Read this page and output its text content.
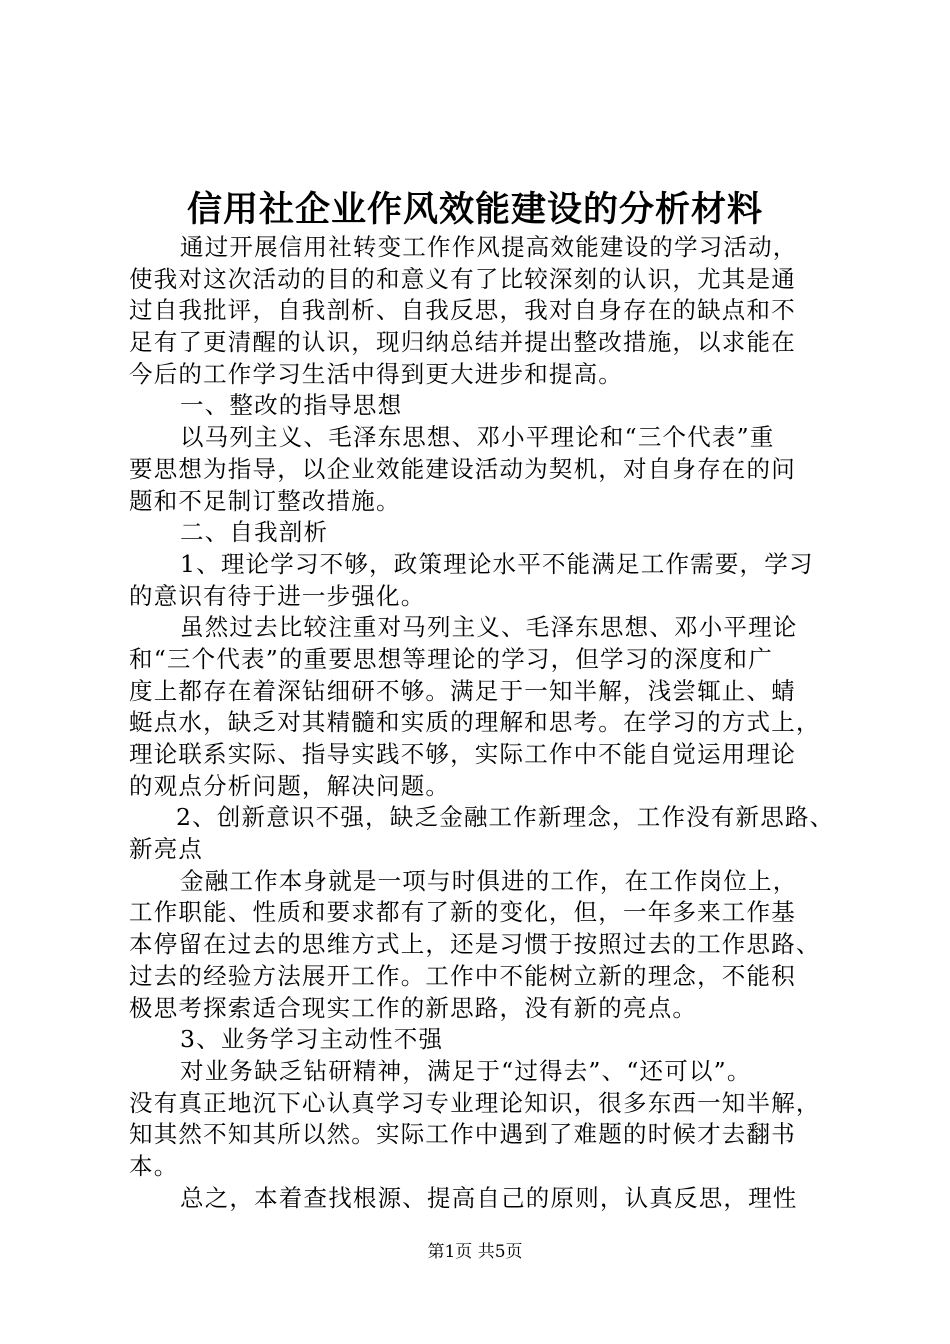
信用社企业作风效能建设的分析材料
通过开展信用社转变工作作风提高效能建设的学习活动，
使我对这次活动的目的和意义有了比较深刻的认识，尤其是通
过自我批评，自我剖析、自我反思，我对自身存在的缺点和不
足有了更清醒的认识，现归纳总结并提出整改措施，以求能在
今后的工作学习生活中得到更大进步和提高。
一、整改的指导思想
以马列主义、毛泽东思想、邓小平理论和“三个代表”重
要思想为指导，以企业效能建设活动为契机，对自身存在的问
题和不足制订整改措施。
二、自我剖析
1、理论学习不够，政策理论水平不能满足工作需要，学习
的意识有待于进一步强化。
虽然过去比较注重对马列主义、毛泽东思想、邓小平理论
和“三个代表”的重要思想等理论的学习，但学习的深度和广
度上都存在着深钻细研不够。满足于一知半解，浅尝辄止、蜻
蜓点水，缺乏对其精髓和实质的理解和思考。在学习的方式上，
理论联系实际、指导实践不够，实际工作中不能自觉运用理论
的观点分析问题，解决问题。
2、创新意识不强，缺乏金融工作新理念，工作没有新思路、
新亮点
金融工作本身就是一项与时俱进的工作，在工作岗位上，
工作职能、性质和要求都有了新的变化，但，一年多来工作基
本停留在过去的思维方式上，还是习惯于按照过去的工作思路、
过去的经验方法展开工作。工作中不能树立新的理念，不能积
极思考探索适合现实工作的新思路，没有新的亮点。
3、业务学习主动性不强
对业务缺乏钻研精神，满足于“过得去”、“还可以”。
没有真正地沉下心认真学习专业理论知识，很多东西一知半解，
知其然不知其所以然。实际工作中遇到了难题的时候才去翻书
本。
总之，本着查找根源、提高自己的原则，认真反思，理性
第1页 共5页
